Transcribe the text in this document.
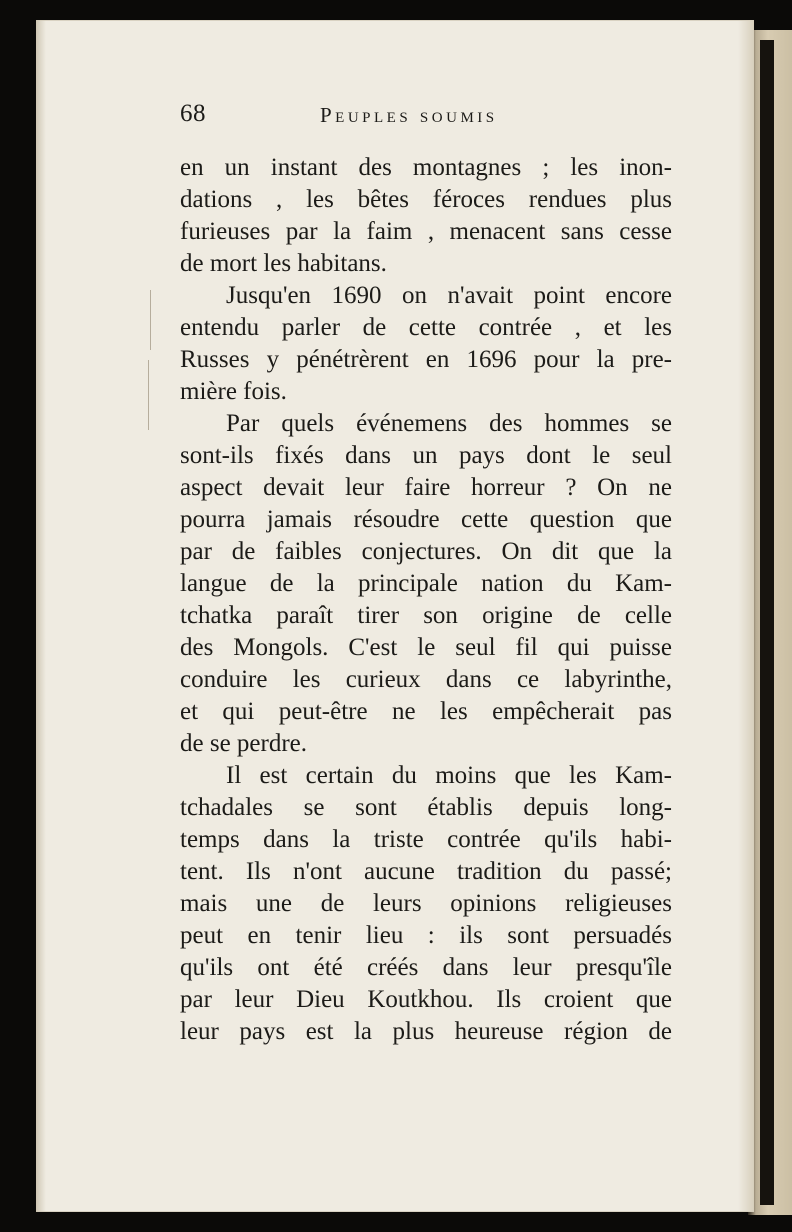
68	Peuples soumis
en un instant des montagnes ; les inon-
dations , les bêtes féroces rendues plus
furieuses par la faim , menacent sans cesse
de mort les habitans.
Jusqu'en 1690 on n'avait point encore
entendu parler de cette contrée , et les
Russes y pénétrèrent en 1696 pour la pre-
mière fois.
Par quels événemens des hommes se
sont-ils fixés dans un pays dont le seul
aspect devait leur faire horreur ? On ne
pourra jamais résoudre cette question que
par de faibles conjectures. On dit que la
langue de la principale nation du Kam-
tchatka paraît tirer son origine de celle
des Mongols. C'est le seul fil qui puisse
conduire les curieux dans ce labyrinthe,
et qui peut-être ne les empêcherait pas
de se perdre.
Il est certain du moins que les Kam-
tchadales se sont établis depuis long-
temps dans la triste contrée qu'ils habi-
tent. Ils n'ont aucune tradition du passé;
mais une de leurs opinions religieuses
peut en tenir lieu : ils sont persuadés
qu'ils ont été créés dans leur presqu'île
par leur Dieu Koutkhou. Ils croient que
leur pays est la plus heureuse région de
